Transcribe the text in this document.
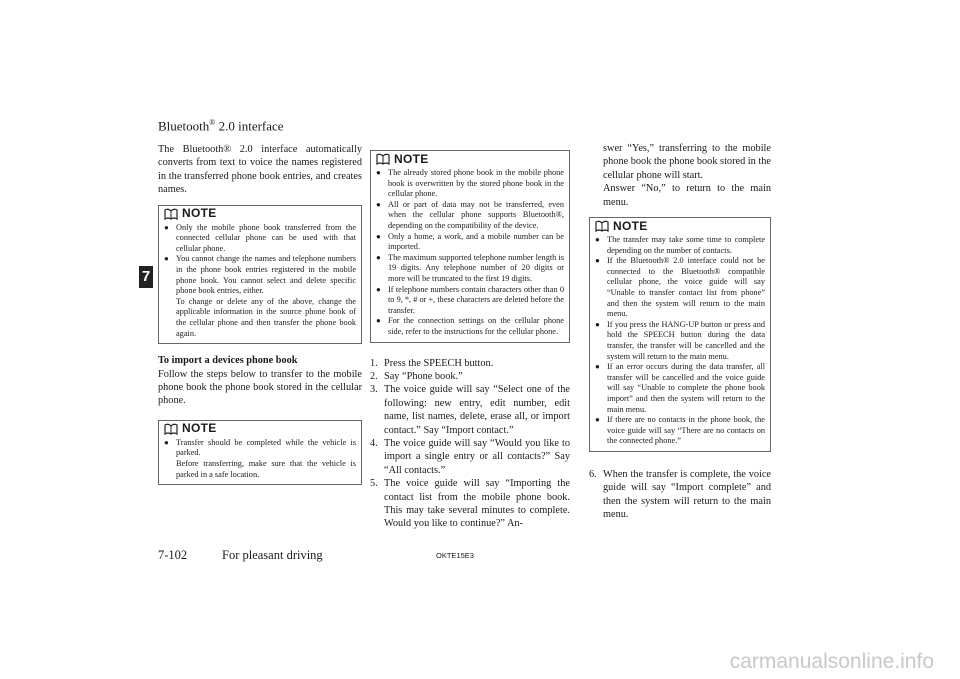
Bluetooth® 2.0 interface
7

The Bluetooth® 2.0 interface automatically converts from text to voice the names registered in the transferred phone book entries, and creates names.

NOTE
● Only the mobile phone book transferred from the connected cellular phone can be used with that cellular phone.
● You cannot change the names and telephone numbers in the phone book entries registered in the mobile phone book. You cannot select and delete specific phone book entries, either.
To change or delete any of the above, change the applicable information in the source phone book of the cellular phone and then transfer the phone book again.

To import a devices phone book

Follow the steps below to transfer to the mobile phone book the phone book stored in the cellular phone.

NOTE
● Transfer should be completed while the vehicle is parked.
Before transferring, make sure that the vehicle is parked in a safe location.
NOTE
● The already stored phone book in the mobile phone book is overwritten by the stored phone book in the cellular phone.
● All or part of data may not be transferred, even when the cellular phone supports Bluetooth®, depending on the compatibility of the device.
● Only a home, a work, and a mobile number can be imported.
● The maximum supported telephone number length is 19 digits. Any telephone number of 20 digits or more will be truncated to the first 19 digits.
● If telephone numbers contain characters other than 0 to 9, *, # or +, these characters are deleted before the transfer.
● For the connection settings on the cellular phone side, refer to the instructions for the cellular phone.
1. Press the SPEECH button.
2. Say “Phone book.”
3. The voice guide will say “Select one of the following: new entry, edit number, edit name, list names, delete, erase all, or import contact.” Say “Import contact.”
4. The voice guide will say “Would you like to import a single entry or all contacts?” Say “All contacts.”
5. The voice guide will say “Importing the contact list from the mobile phone book. This may take several minutes to complete. Would you like to continue?” An-

swer “Yes,” transferring to the mobile phone book the phone book stored in the cellular phone will start.

Answer “No,” to return to the main menu.

NOTE
● The transfer may take some time to complete depending on the number of contacts.
● If the Bluetooth® 2.0 interface could not be connected to the Bluetooth® compatible cellular phone, the voice guide will say “Unable to transfer contact list from phone” and then the system will return to the main menu.
● If you press the HANG-UP button or press and hold the SPEECH button during the data transfer, the transfer will be cancelled and the system will return to the main menu.
● If an error occurs during the data transfer, all transfer will be cancelled and the voice guide will say “Unable to complete the phone book import” and then the system will return to the main menu.
● If there are no contacts in the phone book, the voice guide will say “There are no contacts on the connected phone.”
6. When the transfer is complete, the voice guide will say “Import complete” and then the system will return to the main menu.
7-102	For pleasant driving	OKTE15E3
carmanualsonline.info
